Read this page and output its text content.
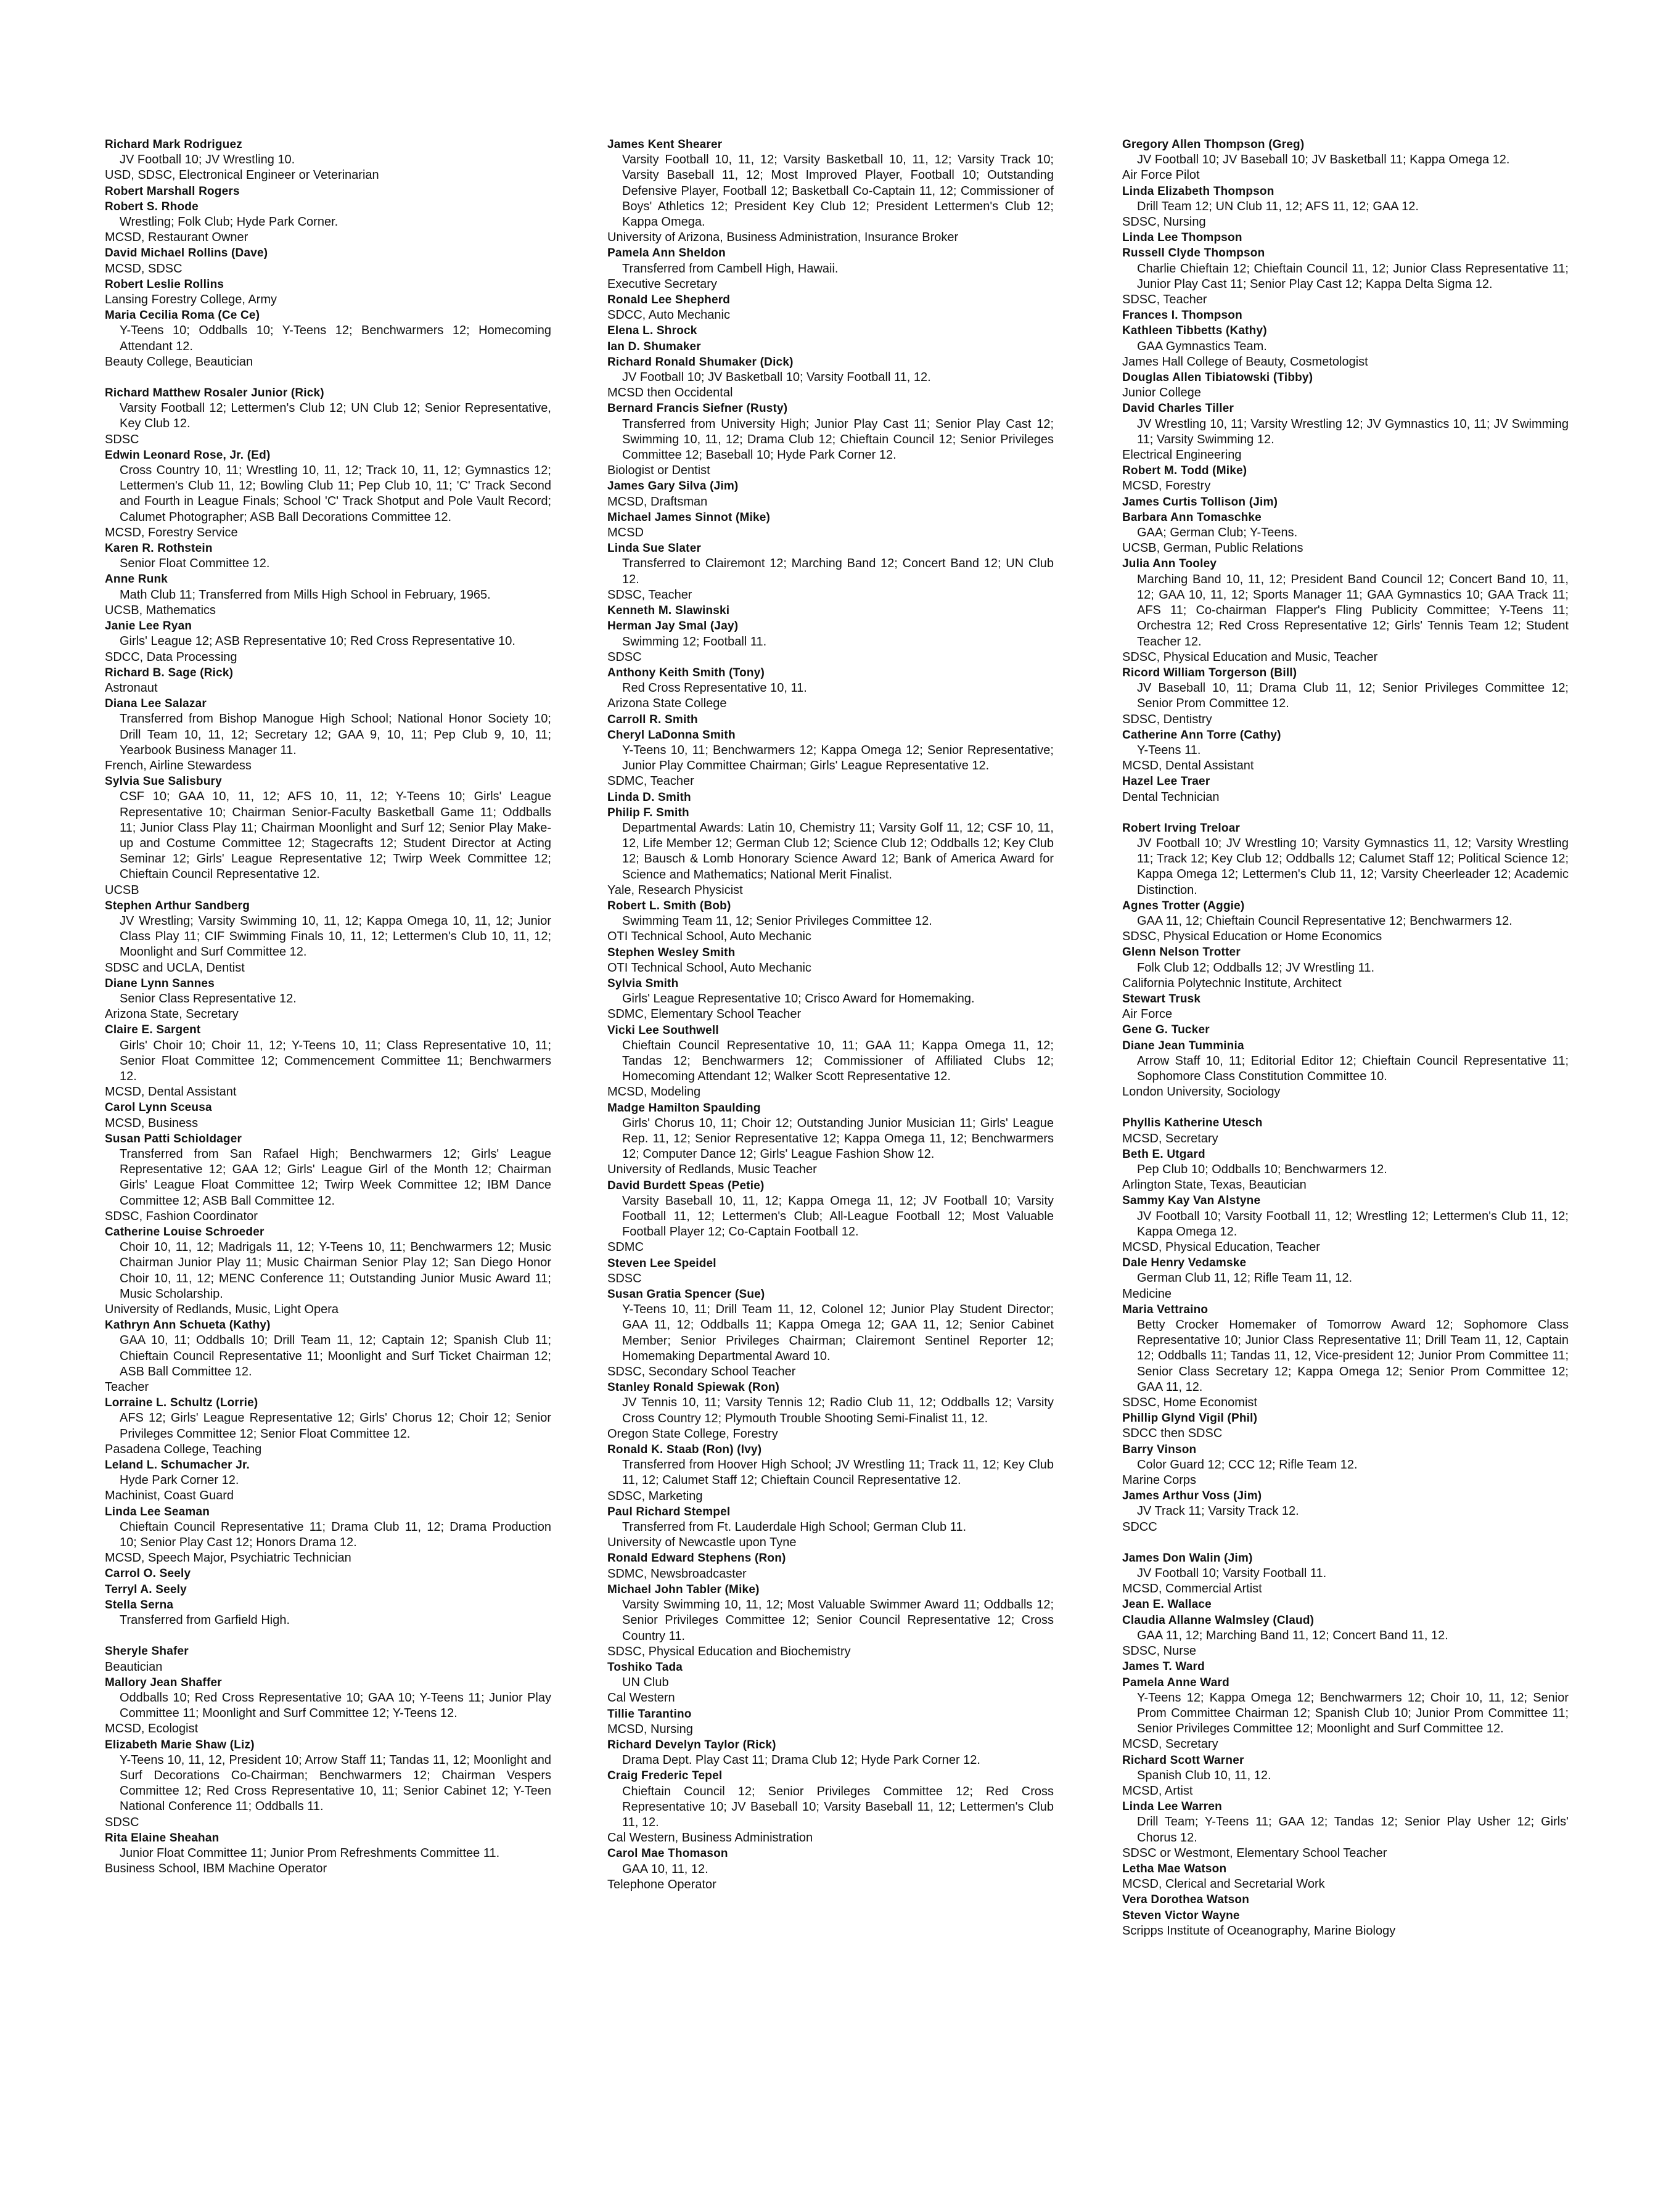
Richard Mark Rodriguez
JV Football 10; JV Wrestling 10.
USD, SDSC, Electronical Engineer or Veterinarian
Robert Marshall Rogers
Robert S. Rhode
Wrestling; Folk Club; Hyde Park Corner.
MCSD, Restaurant Owner
David Michael Rollins (Dave)
MCSD, SDSC
Robert Leslie Rollins
Lansing Forestry College, Army
Maria Cecilia Roma (Ce Ce)
Y-Teens 10; Oddballs 10; Y-Teens 12; Benchwarmers 12; Homecoming Attendant 12.
Beauty College, Beautician
Richard Matthew Rosaler Junior (Rick)
Varsity Football 12; Lettermen's Club 12; UN Club 12; Senior Representative, Key Club 12.
SDSC
Edwin Leonard Rose, Jr. (Ed)
Cross Country 10, 11; Wrestling 10, 11, 12; Track 10, 11, 12; Gymnastics 12; Lettermen's Club 11, 12; Bowling Club 11; Pep Club 10, 11; 'C' Track Second and Fourth in League Finals; School 'C' Track Shotput and Pole Vault Record; Calumet Photographer; ASB Ball Decorations Committee 12.
MCSD, Forestry Service
Karen R. Rothstein
Senior Float Committee 12.
Anne Runk
Math Club 11; Transferred from Mills High School in February, 1965.
UCSB, Mathematics
Janie Lee Ryan
Girls' League 12; ASB Representative 10; Red Cross Representative 10.
SDCC, Data Processing
Richard B. Sage (Rick)
Astronaut
Diana Lee Salazar
Transferred from Bishop Manogue High School; National Honor Society 10; Drill Team 10, 11, 12; Secretary 12; GAA 9, 10, 11; Pep Club 9, 10, 11; Yearbook Business Manager 11.
French, Airline Stewardess
Sylvia Sue Salisbury
CSF 10; GAA 10, 11, 12; AFS 10, 11, 12; Y-Teens 10; Girls' League Representative 10; Chairman Senior-Faculty Basketball Game 11; Oddballs 11; Junior Class Play 11; Chairman Moonlight and Surf 12; Senior Play Make-up and Costume Committee 12; Stagecrafts 12; Student Director at Acting Seminar 12; Girls' League Representative 12; Twirp Week Committee 12; Chieftain Council Representative 12.
UCSB
Stephen Arthur Sandberg
JV Wrestling; Varsity Swimming 10, 11, 12; Kappa Omega 10, 11, 12; Junior Class Play 11; CIF Swimming Finals 10, 11, 12; Lettermen's Club 10, 11, 12; Moonlight and Surf Committee 12.
SDSC and UCLA, Dentist
Diane Lynn Sannes
Senior Class Representative 12.
Arizona State, Secretary
Claire E. Sargent
Girls' Choir 10; Choir 11, 12; Y-Teens 10, 11; Class Representative 10, 11; Senior Float Committee 12; Commencement Committee 11; Benchwarmers 12.
MCSD, Dental Assistant
Carol Lynn Sceusa
MCSD, Business
Susan Patti Schioldager
Transferred from San Rafael High; Benchwarmers 12; Girls' League Representative 12; GAA 12; Girls' League Girl of the Month 12; Chairman Girls' League Float Committee 12; Twirp Week Committee 12; IBM Dance Committee 12; ASB Ball Committee 12.
SDSC, Fashion Coordinator
Catherine Louise Schroeder
Choir 10, 11, 12; Madrigals 11, 12; Y-Teens 10, 11; Benchwarmers 12; Music Chairman Junior Play 11; Music Chairman Senior Play 12; San Diego Honor Choir 10, 11, 12; MENC Conference 11; Outstanding Junior Music Award 11; Music Scholarship.
University of Redlands, Music, Light Opera
Kathryn Ann Schueta (Kathy)
GAA 10, 11; Oddballs 10; Drill Team 11, 12; Captain 12; Spanish Club 11; Chieftain Council Representative 11; Moonlight and Surf Ticket Chairman 12; ASB Ball Committee 12.
Teacher
Lorraine L. Schultz (Lorrie)
AFS 12; Girls' League Representative 12; Girls' Chorus 12; Choir 12; Senior Privileges Committee 12; Senior Float Committee 12.
Pasadena College, Teaching
Leland L. Schumacher Jr.
Hyde Park Corner 12.
Machinist, Coast Guard
Linda Lee Seaman
Chieftain Council Representative 11; Drama Club 11, 12; Drama Production 10; Senior Play Cast 12; Honors Drama 12.
MCSD, Speech Major, Psychiatric Technician
Carrol O. Seely
Terryl A. Seely
Stella Serna
Transferred from Garfield High.
Sheryle Shafer
Beautician
Mallory Jean Shaffer
Oddballs 10; Red Cross Representative 10; GAA 10; Y-Teens 11; Junior Play Committee 11; Moonlight and Surf Committee 12; Y-Teens 12.
MCSD, Ecologist
Elizabeth Marie Shaw (Liz)
Y-Teens 10, 11, 12, President 10; Arrow Staff 11; Tandas 11, 12; Moonlight and Surf Decorations Co-Chairman; Benchwarmers 12; Chairman Vespers Committee 12; Red Cross Representative 10, 11; Senior Cabinet 12; Y-Teen National Conference 11; Oddballs 11.
SDSC
Rita Elaine Sheahan
Junior Float Committee 11; Junior Prom Refreshments Committee 11.
Business School, IBM Machine Operator
James Kent Shearer
Varsity Football 10, 11, 12; Varsity Basketball 10, 11, 12; Varsity Track 10; Varsity Baseball 11, 12; Most Improved Player, Football 10; Outstanding Defensive Player, Football 12; Basketball Co-Captain 11, 12; Commissioner of Boys' Athletics 12; President Key Club 12; President Lettermen's Club 12; Kappa Omega.
University of Arizona, Business Administration, Insurance Broker
Pamela Ann Sheldon
Transferred from Cambell High, Hawaii.
Executive Secretary
Ronald Lee Shepherd
SDCC, Auto Mechanic
Elena L. Shrock
Ian D. Shumaker
Richard Ronald Shumaker (Dick)
JV Football 10; JV Basketball 10; Varsity Football 11, 12.
MCSD then Occidental
Bernard Francis Siefner (Rusty)
Transferred from University High; Junior Play Cast 11; Senior Play Cast 12; Swimming 10, 11, 12; Drama Club 12; Chieftain Council 12; Senior Privileges Committee 12; Baseball 10; Hyde Park Corner 12.
Biologist or Dentist
James Gary Silva (Jim)
MCSD, Draftsman
Michael James Sinnot (Mike)
MCSD
Linda Sue Slater
Transferred to Clairemont 12; Marching Band 12; Concert Band 12; UN Club 12.
SDSC, Teacher
Kenneth M. Slawinski
Herman Jay Smal (Jay)
Swimming 12; Football 11.
SDSC
Anthony Keith Smith (Tony)
Red Cross Representative 10, 11.
Arizona State College
Carroll R. Smith
Cheryl LaDonna Smith
Y-Teens 10, 11; Benchwarmers 12; Kappa Omega 12; Senior Representative; Junior Play Committee Chairman; Girls' League Representative 12.
SDMC, Teacher
Linda D. Smith
Philip F. Smith
Departmental Awards: Latin 10, Chemistry 11; Varsity Golf 11, 12; CSF 10, 11, 12, Life Member 12; German Club 12; Science Club 12; Oddballs 12; Key Club 12; Bausch & Lomb Honorary Science Award 12; Bank of America Award for Science and Mathematics; National Merit Finalist.
Yale, Research Physicist
Robert L. Smith (Bob)
Swimming Team 11, 12; Senior Privileges Committee 12.
OTI Technical School, Auto Mechanic
Stephen Wesley Smith
OTI Technical School, Auto Mechanic
Sylvia Smith
Girls' League Representative 10; Crisco Award for Homemaking.
SDMC, Elementary School Teacher
Vicki Lee Southwell
Chieftain Council Representative 10, 11; GAA 11; Kappa Omega 11, 12; Tandas 12; Benchwarmers 12; Commissioner of Affiliated Clubs 12; Homecoming Attendant 12; Walker Scott Representative 12.
MCSD, Modeling
Madge Hamilton Spaulding
Girls' Chorus 10, 11; Choir 12; Outstanding Junior Musician 11; Girls' League Rep. 11, 12; Senior Representative 12; Kappa Omega 11, 12; Benchwarmers 12; Computer Dance 12; Girls' League Fashion Show 12.
University of Redlands, Music Teacher
David Burdett Speas (Petie)
Varsity Baseball 10, 11, 12; Kappa Omega 11, 12; JV Football 10; Varsity Football 11, 12; Lettermen's Club; All-League Football 12; Most Valuable Football Player 12; Co-Captain Football 12.
SDMC
Steven Lee Speidel
SDSC
Susan Gratia Spencer (Sue)
Y-Teens 10, 11; Drill Team 11, 12, Colonel 12; Junior Play Student Director; GAA 11, 12; Oddballs 11; Kappa Omega 12; GAA 11, 12; Senior Cabinet Member; Senior Privileges Chairman; Clairemont Sentinel Reporter 12; Homemaking Departmental Award 10.
SDSC, Secondary School Teacher
Stanley Ronald Spiewak (Ron)
JV Tennis 10, 11; Varsity Tennis 12; Radio Club 11, 12; Oddballs 12; Varsity Cross Country 12; Plymouth Trouble Shooting Semi-Finalist 11, 12.
Oregon State College, Forestry
Ronald K. Staab (Ron) (Ivy)
Transferred from Hoover High School; JV Wrestling 11; Track 11, 12; Key Club 11, 12; Calumet Staff 12; Chieftain Council Representative 12.
SDSC, Marketing
Paul Richard Stempel
Transferred from Ft. Lauderdale High School; German Club 11.
University of Newcastle upon Tyne
Ronald Edward Stephens (Ron)
SDMC, Newsbroadcaster
Michael John Tabler (Mike)
Varsity Swimming 10, 11, 12; Most Valuable Swimmer Award 11; Oddballs 12; Senior Privileges Committee 12; Senior Council Representative 12; Cross Country 11.
SDSC, Physical Education and Biochemistry
Toshiko Tada
UN Club
Cal Western
Tillie Tarantino
MCSD, Nursing
Richard Develyn Taylor (Rick)
Drama Dept. Play Cast 11; Drama Club 12; Hyde Park Corner 12.
Craig Frederic Tepel
Chieftain Council 12; Senior Privileges Committee 12; Red Cross Representative 10; JV Baseball 10; Varsity Baseball 11, 12; Lettermen's Club 11, 12.
Cal Western, Business Administration
Carol Mae Thomason
GAA 10, 11, 12.
Telephone Operator
Gregory Allen Thompson (Greg)
JV Football 10; JV Baseball 10; JV Basketball 11; Kappa Omega 12.
Air Force Pilot
Linda Elizabeth Thompson
Drill Team 12; UN Club 11, 12; AFS 11, 12; GAA 12.
SDSC, Nursing
Linda Lee Thompson
Russell Clyde Thompson
Charlie Chieftain 12; Chieftain Council 11, 12; Junior Class Representative 11; Junior Play Cast 11; Senior Play Cast 12; Kappa Delta Sigma 12.
SDSC, Teacher
Frances I. Thompson
Kathleen Tibbetts (Kathy)
GAA Gymnastics Team.
James Hall College of Beauty, Cosmetologist
Douglas Allen Tibiatowski (Tibby)
Junior College
David Charles Tiller
JV Wrestling 10, 11; Varsity Wrestling 12; JV Gymnastics 10, 11; JV Swimming 11; Varsity Swimming 12.
Electrical Engineering
Robert M. Todd (Mike)
MCSD, Forestry
James Curtis Tollison (Jim)
Barbara Ann Tomaschke
GAA; German Club; Y-Teens.
UCSB, German, Public Relations
Julia Ann Tooley
Marching Band 10, 11, 12; President Band Council 12; Concert Band 10, 11, 12; GAA 10, 11, 12; Sports Manager 11; GAA Gymnastics 10; GAA Track 11; AFS 11; Co-chairman Flapper's Fling Publicity Committee; Y-Teens 11; Orchestra 12; Red Cross Representative 12; Girls' Tennis Team 12; Student Teacher 12.
SDSC, Physical Education and Music, Teacher
Ricord William Torgerson (Bill)
JV Baseball 10, 11; Drama Club 11, 12; Senior Privileges Committee 12; Senior Prom Committee 12.
SDSC, Dentistry
Catherine Ann Torre (Cathy)
Y-Teens 11.
MCSD, Dental Assistant
Hazel Lee Traer
Dental Technician
Robert Irving Treloar
JV Football 10; JV Wrestling 10; Varsity Gymnastics 11, 12; Varsity Wrestling 11; Track 12; Key Club 12; Oddballs 12; Calumet Staff 12; Political Science 12; Kappa Omega 12; Lettermen's Club 11, 12; Varsity Cheerleader 12; Academic Distinction.
Agnes Trotter (Aggie)
GAA 11, 12; Chieftain Council Representative 12; Benchwarmers 12.
SDSC, Physical Education or Home Economics
Glenn Nelson Trotter
Folk Club 12; Oddballs 12; JV Wrestling 11.
California Polytechnic Institute, Architect
Stewart Trusk
Air Force
Gene G. Tucker
Diane Jean Tumminia
Arrow Staff 10, 11; Editorial Editor 12; Chieftain Council Representative 11; Sophomore Class Constitution Committee 10.
London University, Sociology
Phyllis Katherine Utesch
MCSD, Secretary
Beth E. Utgard
Pep Club 10; Oddballs 10; Benchwarmers 12.
Arlington State, Texas, Beautician
Sammy Kay Van Alstyne
JV Football 10; Varsity Football 11, 12; Wrestling 12; Lettermen's Club 11, 12; Kappa Omega 12.
MCSD, Physical Education, Teacher
Dale Henry Vedamske
German Club 11, 12; Rifle Team 11, 12.
Medicine
Maria Vettraino
Betty Crocker Homemaker of Tomorrow Award 12; Sophomore Class Representative 10; Junior Class Representative 11; Drill Team 11, 12, Captain 12; Oddballs 11; Tandas 11, 12, Vice-president 12; Junior Prom Committee 11; Senior Class Secretary 12; Kappa Omega 12; Senior Prom Committee 12; GAA 11, 12.
SDSC, Home Economist
Phillip Glynd Vigil (Phil)
SDCC then SDSC
Barry Vinson
Color Guard 12; CCC 12; Rifle Team 12.
Marine Corps
James Arthur Voss (Jim)
JV Track 11; Varsity Track 12.
SDCC
James Don Walin (Jim)
JV Football 10; Varsity Football 11.
MCSD, Commercial Artist
Jean E. Wallace
Claudia Allanne Walmsley (Claud)
GAA 11, 12; Marching Band 11, 12; Concert Band 11, 12.
SDSC, Nurse
James T. Ward
Pamela Anne Ward
Y-Teens 12; Kappa Omega 12; Benchwarmers 12; Choir 10, 11, 12; Senior Prom Committee Chairman 12; Spanish Club 10; Junior Prom Committee 11; Senior Privileges Committee 12; Moonlight and Surf Committee 12.
MCSD, Secretary
Richard Scott Warner
Spanish Club 10, 11, 12.
MCSD, Artist
Linda Lee Warren
Drill Team; Y-Teens 11; GAA 12; Tandas 12; Senior Play Usher 12; Girls' Chorus 12.
SDSC or Westmont, Elementary School Teacher
Letha Mae Watson
MCSD, Clerical and Secretarial Work
Vera Dorothea Watson
Steven Victor Wayne
Scripps Institute of Oceanography, Marine Biology
